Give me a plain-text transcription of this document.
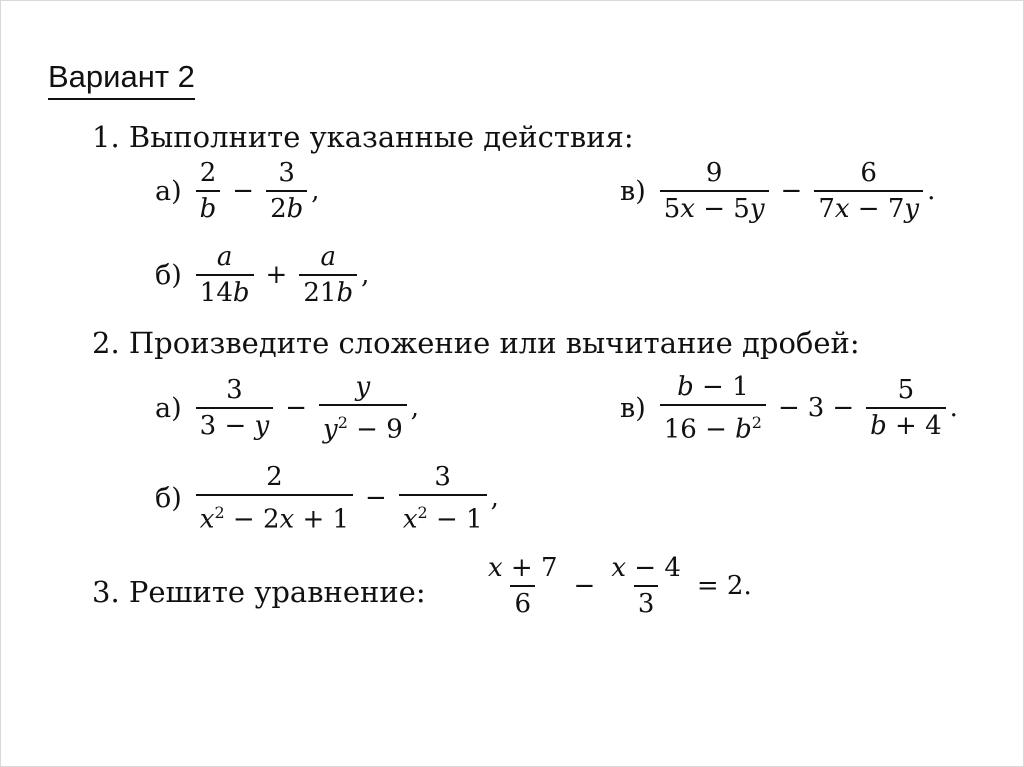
Вариант 2
1. Выполните указанные действия:
$а) \frac{2}{b} - \frac{3}{2b}$ ,	$в) \frac{9}{5x - 5y} - \frac{6}{7x - 7y}$ .
$б) \frac{a}{14b} + \frac{a}{21b}$ ,
2. Произведите сложение или вычитание дробей:
$а) \frac{3}{3 - y} - \frac{y}{y^2 - 9}$ ,	$в) \frac{b - 1}{16 - b^2} - 3 - \frac{5}{b + 4}$ .
$б) \frac{2}{x^2 - 2x + 1} - \frac{3}{x^2 - 1}$ ,
3. Решите уравнение: $\frac{x + 7}{6} - \frac{x - 4}{3} = 2$.
